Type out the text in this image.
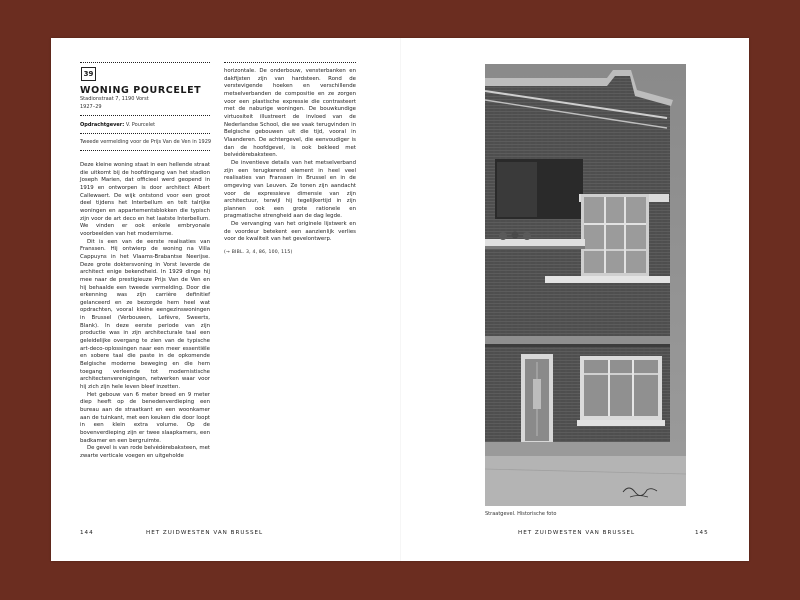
39
WONING POURCELET
Stadionstraat 7, 1190 Vorst
1927–29
Opdrachtgever: V. Pourcelet
Tweede vermelding voor de Prijs Van de Ven in 1929

Deze kleine woning staat in een hellende straat die uitkomt bij de hoofdingang van het stadion Joseph Marien, dat officieel werd geopend in 1919 en ontworpen is door architect Albert Callewaert. De wijk ontstond voor een groot deel tijdens het Interbellum en telt talrijke woningen en appartementsblokken die typisch zijn voor de art deco en het laatste Interbellum. We vinden er ook enkele embryonale voorbeelden van het modernisme.

Dit is een van de eerste realisaties van Franssen. Hij ontwierp de woning na Villa Cappuyns in het Vlaams-Brabantse Neerijse. Deze grote doktersvoning in Vorst leverde de architect enige bekendheid. In 1929 dinge hij mee naar de prestigieuze Prijs Van de Ven en hij behaalde een tweede vermelding. Door die erkenning was zijn carrière definitief gelanceerd en ze bezorgde hem heel wat opdrachten, vooral kleine eengezinswoningen in Brussel (Verbouwen, Lefèvre, Sweerts, Blank). In deze eerste periode van zijn productie was in zijn architecturale taal een geleidelijke overgang te zien van de typische art-deco-oplossingen naar een meer essentiële en sobere taal die paste in de opkomende Belgische moderne beweging en die hem toegang verleende tot modernistische architectenverenigingen, netwerken waar voor hij zich zijn hele leven bleef inzetten.

Het gebouw van 6 meter breed en 9 meter diep heeft op de benedenverdieping een bureau aan de straatkant en een woonkamer aan de tuinkant, met een keuken die door loopt in een klein extra volume. Op de bovenverdieping zijn er twee slaapkamers, een badkamer en een bergruimte.

De gevel is van rode belvédèrebaksteen, met zwarte verticale voegen en uitgeholde

horizontale. De onderbouw, vensterbanken en dakfijsten zijn van hardsteen. Rond de verstevigende hoeken en verschillende metselverbanden de compositie en ze zorgen voor een plastische expressie die contrasteert met de naburige woningen. De bouwkundige virtuositeit illustreert de invloed van de Nederlandse School, die we vaak terugvinden in Belgische gebouwen uit die tijd, vooral in Vlaanderen. De achtergevel, die eenvoudiger is dan de hoofdgevel, is ook bekleed met belvédèrebaksteen.

De inventieve details van het metselverband zijn een terugkerend element in heel veel realisaties van Franssen in Brussel en in de omgeving van Leuven. Ze tonen zijn aandacht voor de expressieve dimensie van zijn architectuur, terwijl hij tegelijkertijd in zijn plannen ook een grote rationele en pragmatische strengheid aan de dag legde.

De vervanging van het originele lijstwerk en de voordeur betekent een aanzienlijk verlies voor de kwaliteit van het gevelontwerp.

(→ BIBL. 3, 4, 86, 100, 115)

Straatgevel. Historische foto
144	HET ZUIDWESTEN VAN BRUSSEL	HET ZUIDWESTEN VAN BRUSSEL	145
